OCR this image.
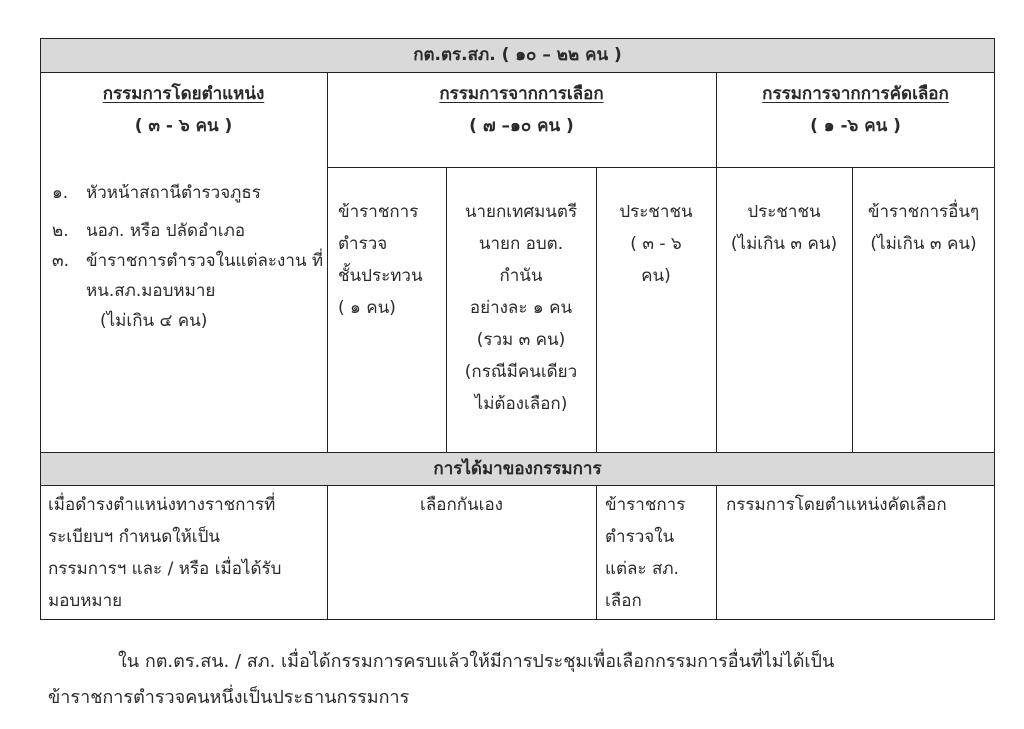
กต.ตร.สภ. ( ๑๐ – ๒๒ คน )
กรรมการโดยตำแหน่ง
( ๓ - ๖ คน )
กรรมการจากการเลือก
( ๗ –๑๐ คน )
กรรมการจากการคัดเลือก
( ๑ -๖ คน )
๑. หัวหน้าสถานีตำรวจภูธร
๒. นอภ. หรือ ปลัดอำเภอ
๓. ข้าราชการตำรวจในแต่ละงาน ที่ หน.สภ.มอบหมาย
(ไม่เกิน ๔ คน)
ข้าราชการ
ตำรวจ
ชั้นประทวน
( ๑ คน)
นายกเทศมนตรี
นายก อบต.
กำนัน
อย่างละ ๑ คน
(รวม ๓ คน)
(กรณีมีคนเดียว
ไม่ต้องเลือก)
ประชาชน
( ๓ - ๖
คน)
ประชาชน
(ไม่เกิน ๓ คน)
ข้าราชการอื่นๆ
(ไม่เกิน ๓ คน)
การได้มาของกรรมการ
เมื่อดำรงตำแหน่งทางราชการที่
ระเบียบฯ กำหนดให้เป็น
กรรมการฯ และ / หรือ เมื่อได้รับ
มอบหมาย
เลือกกันเอง	ข้าราชการ
ตำรวจใน
แต่ละ สภ.
เลือก
กรรมการโดยตำแหน่งคัดเลือก
ใน กต.ตร.สน. / สภ. เมื่อได้กรรมการครบแล้วให้มีการประชุมเพื่อเลือกกรรมการอื่นที่ไม่ได้เป็น
ข้าราชการตำรวจคนหนึ่งเป็นประธานกรรมการ
